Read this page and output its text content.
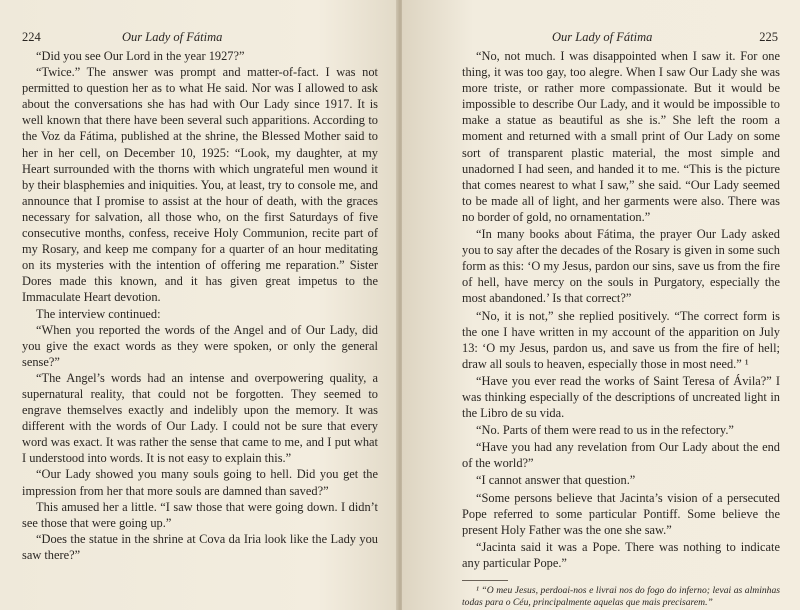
224	Our Lady of Fátima

“Did you see Our Lord in the year 1927?”

“Twice.” The answer was prompt and matter-of-fact. I was not permitted to question her as to what He said. Nor was I allowed to ask about the conversations she has had with Our Lady since 1917. It is well known that there have been several such apparitions. According to the Voz da Fátima, published at the shrine, the Blessed Mother said to her in her cell, on December 10, 1925: “Look, my daughter, at my Heart surrounded with the thorns with which ungrateful men wound it by their blasphemies and iniquities. You, at least, try to console me, and announce that I promise to assist at the hour of death, with the graces necessary for salvation, all those who, on the first Saturdays of five consecutive months, confess, receive Holy Communion, recite part of my Rosary, and keep me company for a quarter of an hour meditating on its mysteries with the intention of offering me reparation.” Sister Dores made this known, and it has given great impetus to the Immaculate Heart devotion.

The interview continued:

“When you reported the words of the Angel and of Our Lady, did you give the exact words as they were spoken, or only the general sense?”

“The Angel’s words had an intense and overpowering quality, a supernatural reality, that could not be forgotten. They seemed to engrave themselves exactly and indelibly upon the memory. It was different with the words of Our Lady. I could not be sure that every word was exact. It was rather the sense that came to me, and I put what I understood into words. It is not easy to explain this.”

“Our Lady showed you many souls going to hell. Did you get the impression from her that more souls are damned than saved?”

This amused her a little. “I saw those that were going down. I didn’t see those that were going up.”

“Does the statue in the shrine at Cova da Iria look like the Lady you saw there?”

Our Lady of Fátima	225

“No, not much. I was disappointed when I saw it. For one thing, it was too gay, too alegre. When I saw Our Lady she was more triste, or rather more compassionate. But it would be impossible to describe Our Lady, and it would be impossible to make a statue as beautiful as she is.” She left the room a moment and returned with a small print of Our Lady on some sort of transparent plastic material, the most simple and unadorned I had seen, and handed it to me. “This is the picture that comes nearest to what I saw,” she said. “Our Lady seemed to be made all of light, and her garments were also. There was no border of gold, no ornamentation.”

“In many books about Fátima, the prayer Our Lady asked you to say after the decades of the Rosary is given in some such form as this: ‘O my Jesus, pardon our sins, save us from the fire of hell, have mercy on the souls in Purgatory, especially the most abandoned.’ Is that correct?”

“No, it is not,” she replied positively. “The correct form is the one I have written in my account of the apparition on July 13: ‘O my Jesus, pardon us, and save us from the fire of hell; draw all souls to heaven, especially those in most need.” ¹

“Have you ever read the works of Saint Teresa of Ávila?” I was thinking especially of the descriptions of uncreated light in the Libro de su vida.

“No. Parts of them were read to us in the refectory.”

“Have you had any revelation from Our Lady about the end of the world?”

“I cannot answer that question.”

“Some persons believe that Jacinta’s vision of a persecuted Pope referred to some particular Pontiff. Some believe the present Holy Father was the one she saw.”

“Jacinta said it was a Pope. There was nothing to indicate any particular Pope.”

¹ “O meu Jesus, perdoai-nos e livrai nos do fogo do inferno; levai as alminhas todas para o Céu, principalmente aquelas que mais precisarem.”
